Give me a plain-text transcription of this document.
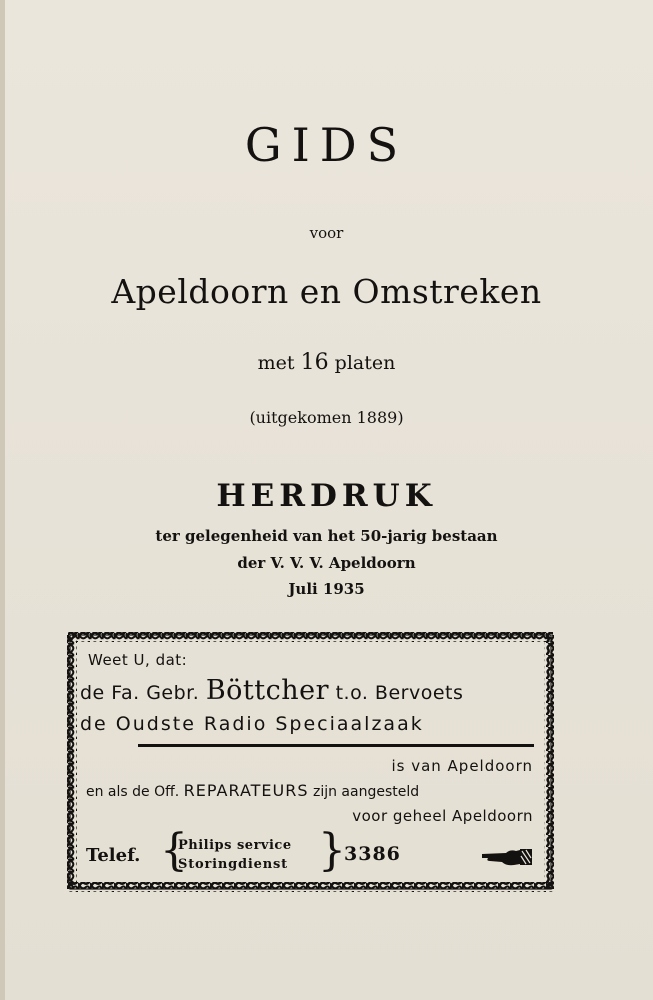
GIDS
voor
Apeldoorn en Omstreken
met 16 platen
(uitgekomen 1889)
HERDRUK
ter gelegenheid van het 50-jarig bestaan
der V. V. V. Apeldoorn
Juli 1935
Weet U, dat:
de Fa. Gebr. Böttcher t.o. Bervoets
de Oudste Radio Speciaalzaak
is van Apeldoorn
en als de Off. REPARATEURS zijn aangesteld
voor geheel Apeldoorn
Telef. {
Philips service
Storingdienst }
3386
